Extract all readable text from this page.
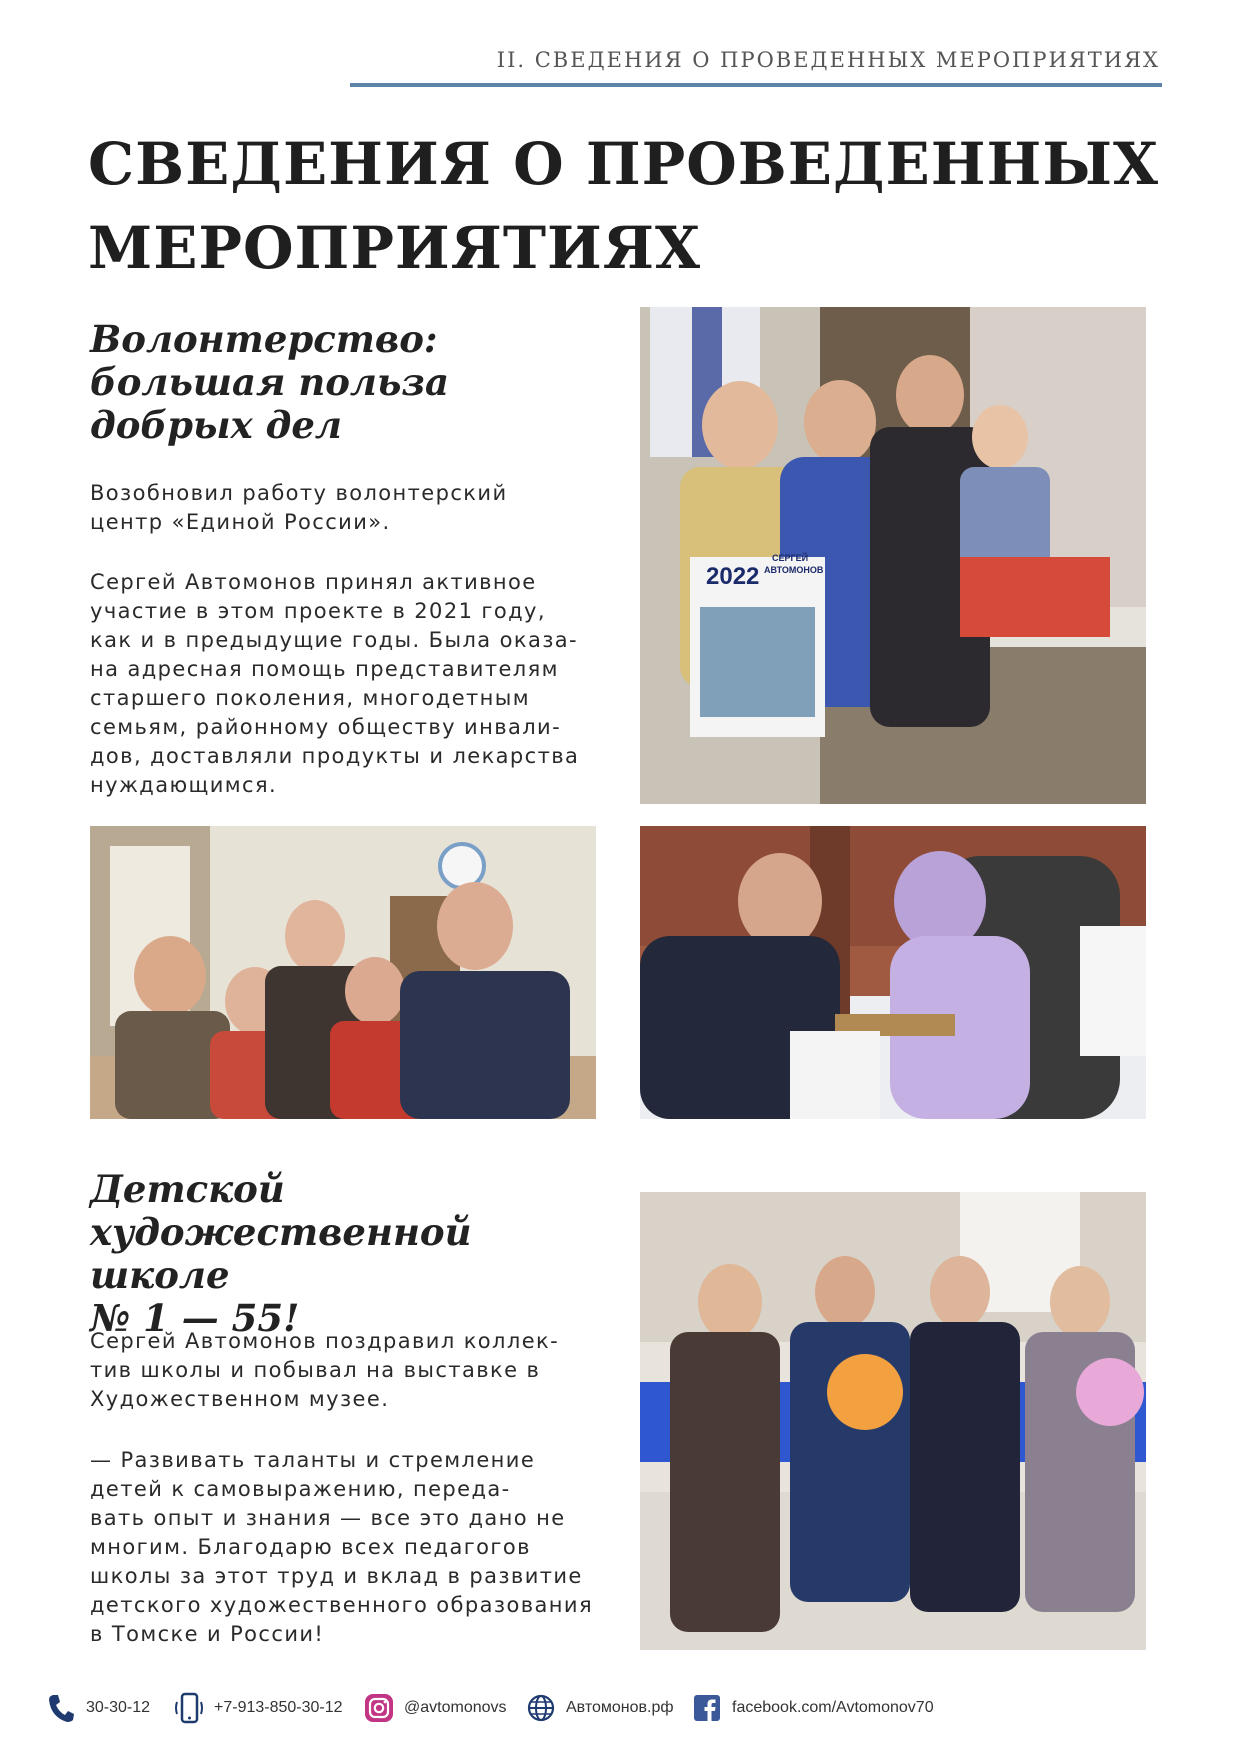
II. СВЕДЕНИЯ О ПРОВЕДЕННЫХ МЕРОПРИЯТИЯХ
СВЕДЕНИЯ О ПРОВЕДЕННЫХ
МЕРОПРИЯТИЯХ
Волонтерство:
большая польза
добрых дел

Возобновил работу волонтерский
центр «Единой России».

Сергей Автомонов принял активное
участие в этом проекте в 2021 году,
как и в предыдущие годы. Была оказа-
на адресная помощь представителям
старшего поколения, многодетным
семьям, районному обществу инвали-
дов, доставляли продукты и лекарства
нуждающимся.

2022
СЕРГЕЙ
АВТОМОНОВ
Детской
художественной школе
№ 1 — 55!

Сергей Автомонов поздравил коллек-
тив школы и побывал на выставке в
Художественном музее.

— Развивать таланты и стремление
детей к самовыражению, переда-
вать опыт и знания — все это дано не
многим. Благодарю всех педагогов
школы за этот труд и вклад в развитие
детского художественного образования
в Томске и России!

30-30-12	+7-913-850-30-12	@avtomonovs	Автомонов.рф	facebook.com/Avtomonov70
